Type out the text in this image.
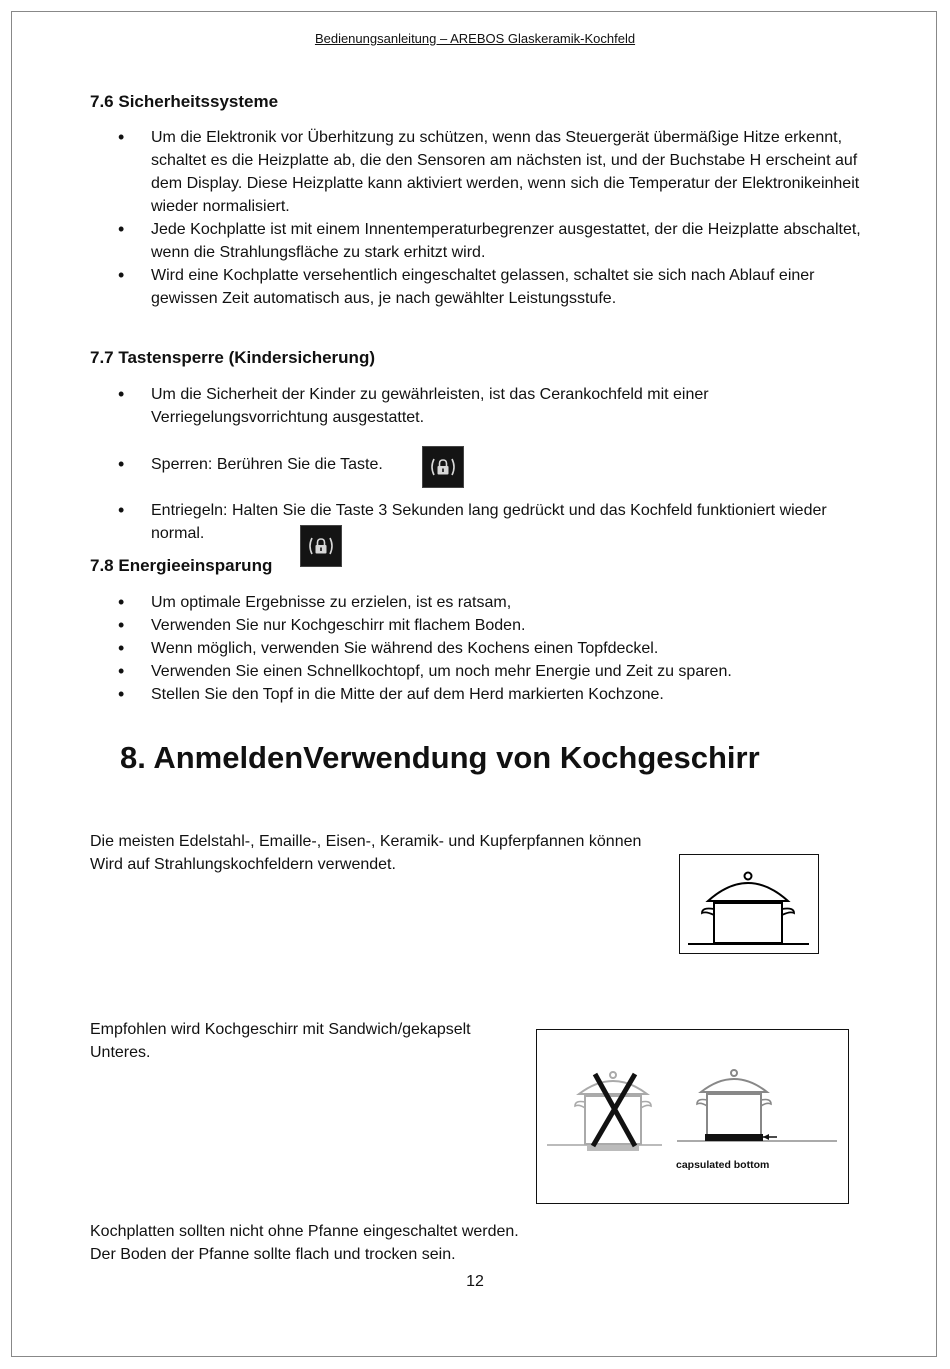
Bedienungsanleitung – AREBOS Glaskeramik-Kochfeld
7.6 Sicherheitssysteme
• Um die Elektronik vor Überhitzung zu schützen, wenn das Steuergerät übermäßige Hitze erkennt, schaltet es die Heizplatte ab, die den Sensoren am nächsten ist, und der Buchstabe H erscheint auf dem Display. Diese Heizplatte kann aktiviert werden, wenn sich die Temperatur der Elektronikeinheit wieder normalisiert.
• Jede Kochplatte ist mit einem Innentemperaturbegrenzer ausgestattet, der die Heizplatte abschaltet, wenn die Strahlungsfläche zu stark erhitzt wird.
• Wird eine Kochplatte versehentlich eingeschaltet gelassen, schaltet sie sich nach Ablauf einer gewissen Zeit automatisch aus, je nach gewählter Leistungsstufe.
7.7 Tastensperre (Kindersicherung)
• Um die Sicherheit der Kinder zu gewährleisten, ist das Cerankochfeld mit einer Verriegelungsvorrichtung ausgestattet.
• Sperren: Berühren Sie die Taste.
• Entriegeln: Halten Sie die Taste 3 Sekunden lang gedrückt und das Kochfeld funktioniert wieder normal.
7.8 Energieeinsparung
• Um optimale Ergebnisse zu erzielen, ist es ratsam,
• Verwenden Sie nur Kochgeschirr mit flachem Boden.
• Wenn möglich, verwenden Sie während des Kochens einen Topfdeckel.
• Verwenden Sie einen Schnellkochtopf, um noch mehr Energie und Zeit zu sparen.
• Stellen Sie den Topf in die Mitte der auf dem Herd markierten Kochzone.
8. AnmeldenVerwendung von Kochgeschirr
Die meisten Edelstahl-, Emaille-, Eisen-, Keramik- und Kupferpfannen können
Wird auf Strahlungskochfeldern verwendet.
Empfohlen wird Kochgeschirr mit Sandwich/gekapselt
Unteres.
capsulated bottom
Kochplatten sollten nicht ohne Pfanne eingeschaltet werden.
Der Boden der Pfanne sollte flach und trocken sein.
12
